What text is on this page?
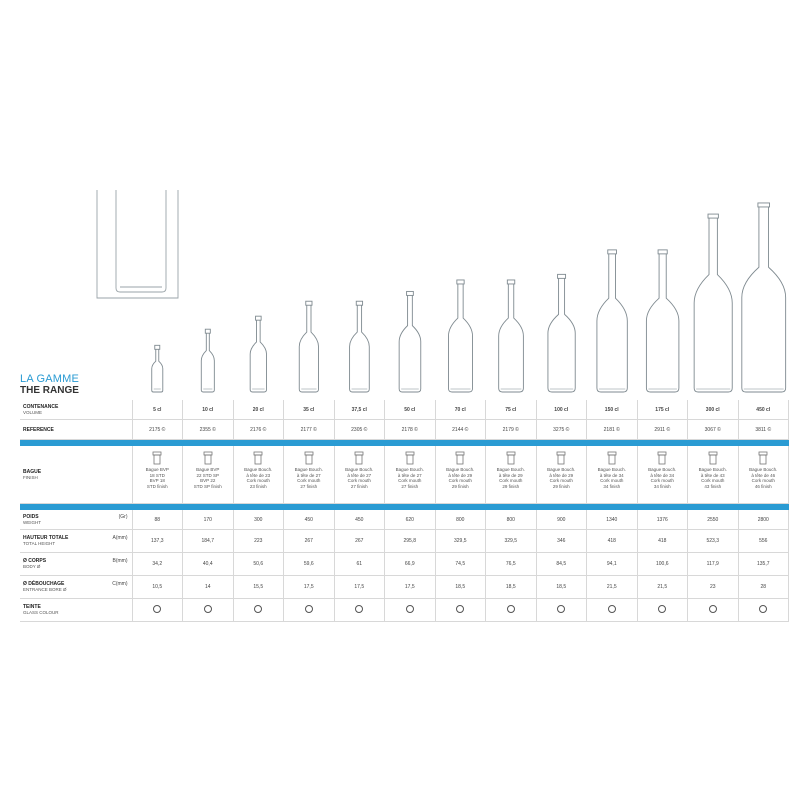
LA GAMME
THE RANGE
CONTENANCE
VOLUME	5 cl	10 cl	20 cl	35 cl	37,5 cl	50 cl	70 cl	75 cl	100 cl	150 cl	175 cl	300 cl	450 cl
REFERENCE	2175 ©	2355 ©	2176 ©	2177 ©	2305 ©	2178 ©	2144 ©	2179 ©	3275 ©	2181 ©	2911 ©	3067 ©	3811 ©

BAGUE
FINISH	Bague BVP
18 STD
BVP 18
STD finish	Bague BVP
22 STD SP
BVP 22
STD SP finish	Bague Bouch.
à tête de 23
Cork mouth
23 finish	Bague Bouch.
à tête de 27
Cork mouth
27 finish	Bague Bouch.
à tête de 27
Cork mouth
27 finish	Bague Bouch.
à tête de 27
Cork mouth
27 finish	Bague Bouch.
à tête de 29
Cork mouth
29 finish	Bague Bouch.
à tête de 29
Cork mouth
29 finish	Bague Bouch.
à tête de 29
Cork mouth
29 finish	Bague Bouch.
à tête de 34
Cork mouth
34 finish	Bague Bouch.
à tête de 34
Cork mouth
34 finish	Bague Bouch.
à tête de 43
Cork mouth
43 finish	Bague Bouch.
à tête de 46
Cork mouth
46 finish

POIDS (Gr)
WEIGHT	88	170	300	450	450	620	800	800	900	1340	1376	2550	2800
HAUTEUR TOTALE A(mm)
TOTAL HEIGHT	137,3	184,7	223	267	267	295,8	329,5	329,5	346	418	418	523,3	556
Ø CORPS B(mm)
BODY Ø	34,2	40,4	50,6	59,6	61	66,9	74,5	76,5	84,5	94,1	100,6	117,9	135,7
Ø DÉBOUCHAGE C(mm)
ENTRANCE BORE Ø	10,5	14	15,5	17,5	17,5	17,5	18,5	18,5	18,5	21,5	21,5	23	28
TEINTE
GLASS COLOUR													
